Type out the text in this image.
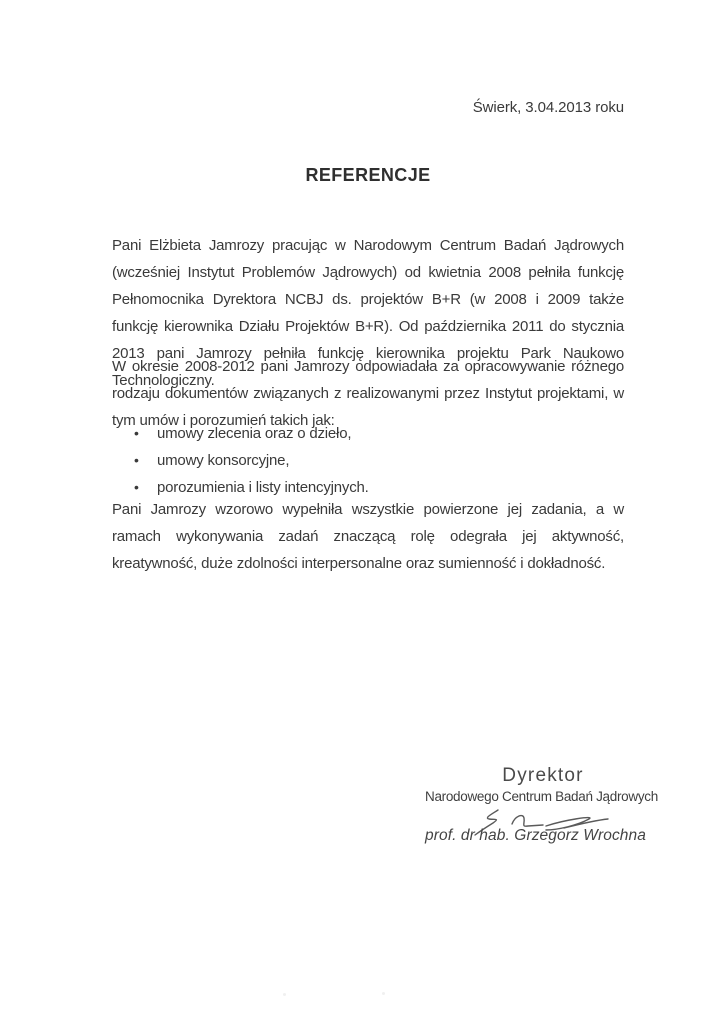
Świerk, 3.04.2013 roku
REFERENCJE

Pani Elżbieta Jamrozy pracując w Narodowym Centrum Badań Jądrowych (wcześniej Instytut Problemów Jądrowych) od kwietnia 2008 pełniła funkcję Pełnomocnika Dyrektora NCBJ ds. projektów B+R (w 2008 i 2009 także funkcję kierownika Działu Projektów B+R). Od października 2011 do stycznia 2013 pani Jamrozy pełniła funkcję kierownika projektu Park Naukowo Technologiczny.

W okresie 2008-2012 pani Jamrozy odpowiadała za opracowywanie różnego rodzaju dokumentów związanych z realizowanymi przez Instytut projektami, w tym umów i porozumień takich jak:

•	umowy zlecenia oraz o dzieło,
•	umowy konsorcyjne,
•	porozumienia i listy intencyjnych.

Pani Jamrozy wzorowo wypełniła wszystkie powierzone jej zadania, a w ramach wykonywania zadań znaczącą rolę odegrała jej aktywność, kreatywność, duże zdolności interpersonalne oraz sumienność i dokładność.

Dyrektor
Narodowego Centrum Badań Jądrowych
prof. dr hab. Grzegorz Wrochna
